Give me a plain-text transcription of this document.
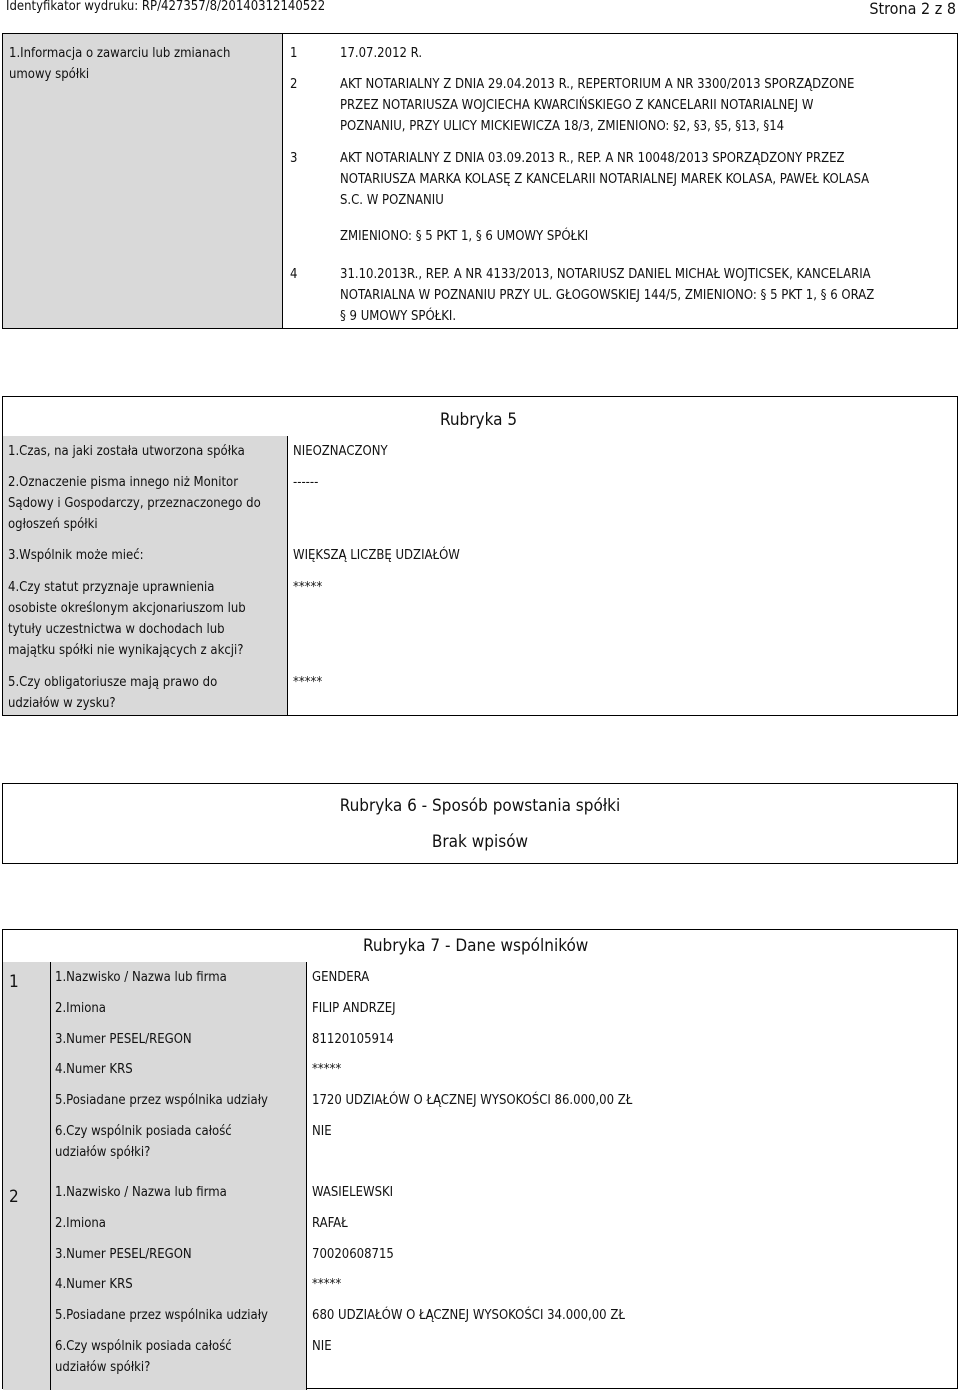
Identyfikator wydruku: RP/427357/8/20140312140522	Strona 2 z 8
1.Informacja o zawarciu lub zmianach
umowy spółki
1	17.07.2012 R.
2	AKT NOTARIALNY Z DNIA 29.04.2013 R., REPERTORIUM A NR 3300/2013 SPORZĄDZONE
PRZEZ NOTARIUSZA WOJCIECHA KWARCIŃSKIEGO Z KANCELARII NOTARIALNEJ W
POZNANIU, PRZY ULICY MICKIEWICZA 18/3, ZMIENIONO: §2, §3, §5, §13, §14
3	AKT NOTARIALNY Z DNIA 03.09.2013 R., REP. A NR 10048/2013 SPORZĄDZONY PRZEZ
NOTARIUSZA MARKA KOLASĘ Z KANCELARII NOTARIALNEJ MAREK KOLASA, PAWEŁ KOLASA
S.C. W POZNANIU
ZMIENIONO: § 5 PKT 1, § 6 UMOWY SPÓŁKI
4	31.10.2013R., REP. A NR 4133/2013, NOTARIUSZ DANIEL MICHAŁ WOJTICSEK, KANCELARIA
NOTARIALNA W POZNANIU PRZY UL. GŁOGOWSKIEJ 144/5, ZMIENIONO: § 5 PKT 1, § 6 ORAZ
§ 9 UMOWY SPÓŁKI.
Rubryka 5
1.Czas, na jaki została utworzona spółka	NIEOZNACZONY
2.Oznaczenie pisma innego niż Monitor
Sądowy i Gospodarczy, przeznaczonego do
ogłoszeń spółki
------
3.Wspólnik może mieć:	WIĘKSZĄ LICZBĘ UDZIAŁÓW
4.Czy statut przyznaje uprawnienia
osobiste określonym akcjonariuszom lub
tytuły uczestnictwa w dochodach lub
majątku spółki nie wynikających z akcji?
*****
5.Czy obligatoriusze mają prawo do
udziałów w zysku?
*****
Rubryka 6 - Sposób powstania spółki
Brak wpisów
Rubryka 7 - Dane wspólników
1	1.Nazwisko / Nazwa lub firma	GENDERA
2.Imiona	FILIP ANDRZEJ
3.Numer PESEL/REGON	81120105914
4.Numer KRS	*****
5.Posiadane przez wspólnika udziały	1720 UDZIAŁÓW O ŁĄCZNEJ WYSOKOŚCI 86.000,00 ZŁ
6.Czy wspólnik posiada całość
udziałów spółki?
NIE
2	1.Nazwisko / Nazwa lub firma	WASIELEWSKI
2.Imiona	RAFAŁ
3.Numer PESEL/REGON	70020608715
4.Numer KRS	*****
5.Posiadane przez wspólnika udziały	680 UDZIAŁÓW O ŁĄCZNEJ WYSOKOŚCI 34.000,00 ZŁ
6.Czy wspólnik posiada całość
udziałów spółki?
NIE
